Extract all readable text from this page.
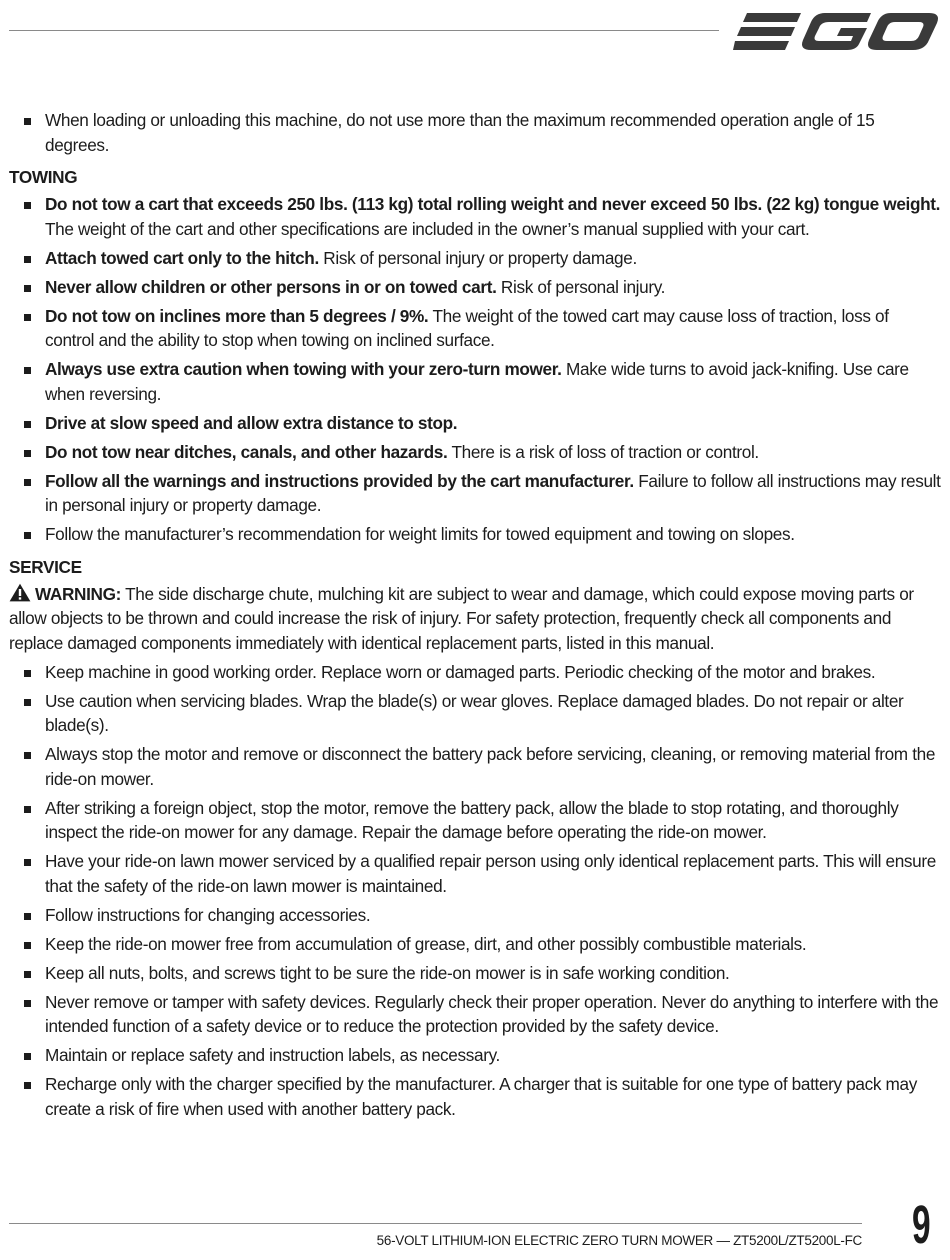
When loading or unloading this machine, do not use more than the maximum recommended operation angle of 15 degrees.
TOWING
Do not tow a cart that exceeds 250 lbs. (113 kg) total rolling weight and never exceed 50 lbs. (22 kg) tongue weight. The weight of the cart and other specifications are included in the owner’s manual supplied with your cart.
Attach towed cart only to the hitch. Risk of personal injury or property damage.
Never allow children or other persons in or on towed cart. Risk of personal injury.
Do not tow on inclines more than 5 degrees / 9%. The weight of the towed cart may cause loss of traction, loss of control and the ability to stop when towing on inclined surface.
Always use extra caution when towing with your zero-turn mower. Make wide turns to avoid jack-knifing. Use care when reversing.
Drive at slow speed and allow extra distance to stop.
Do not tow near ditches, canals, and other hazards. There is a risk of loss of traction or control.
Follow all the warnings and instructions provided by the cart manufacturer. Failure to follow all instructions may result in personal injury or property damage.
Follow the manufacturer’s recommendation for weight limits for towed equipment and towing on slopes.
SERVICE
WARNING: The side discharge chute, mulching kit are subject to wear and damage, which could expose moving parts or allow objects to be thrown and could increase the risk of injury. For safety protection, frequently check all components and replace damaged components immediately with identical replacement parts, listed in this manual.
Keep machine in good working order. Replace worn or damaged parts. Periodic checking of the motor and brakes.
Use caution when servicing blades. Wrap the blade(s) or wear gloves. Replace damaged blades. Do not repair or alter blade(s).
Always stop the motor and remove or disconnect the battery pack before servicing, cleaning, or removing material from the ride-on mower.
After striking a foreign object, stop the motor, remove the battery pack, allow the blade to stop rotating, and thoroughly inspect the ride-on mower for any damage. Repair the damage before operating the ride-on mower.
Have your ride-on lawn mower serviced by a qualified repair person using only identical replacement parts. This will ensure that the safety of the ride-on lawn mower is maintained.
Follow instructions for changing accessories.
Keep the ride-on mower free from accumulation of grease, dirt, and other possibly combustible materials.
Keep all nuts, bolts, and screws tight to be sure the ride-on mower is in safe working condition.
Never remove or tamper with safety devices. Regularly check their proper operation. Never do anything to interfere with the intended function of a safety device or to reduce the protection provided by the safety device.
Maintain or replace safety and instruction labels, as necessary.
Recharge only with the charger specified by the manufacturer. A charger that is suitable for one type of battery pack may create a risk of fire when used with another battery pack.
56-VOLT LITHIUM-ION ELECTRIC ZERO TURN MOWER — ZT5200L/ZT5200L-FC 9
